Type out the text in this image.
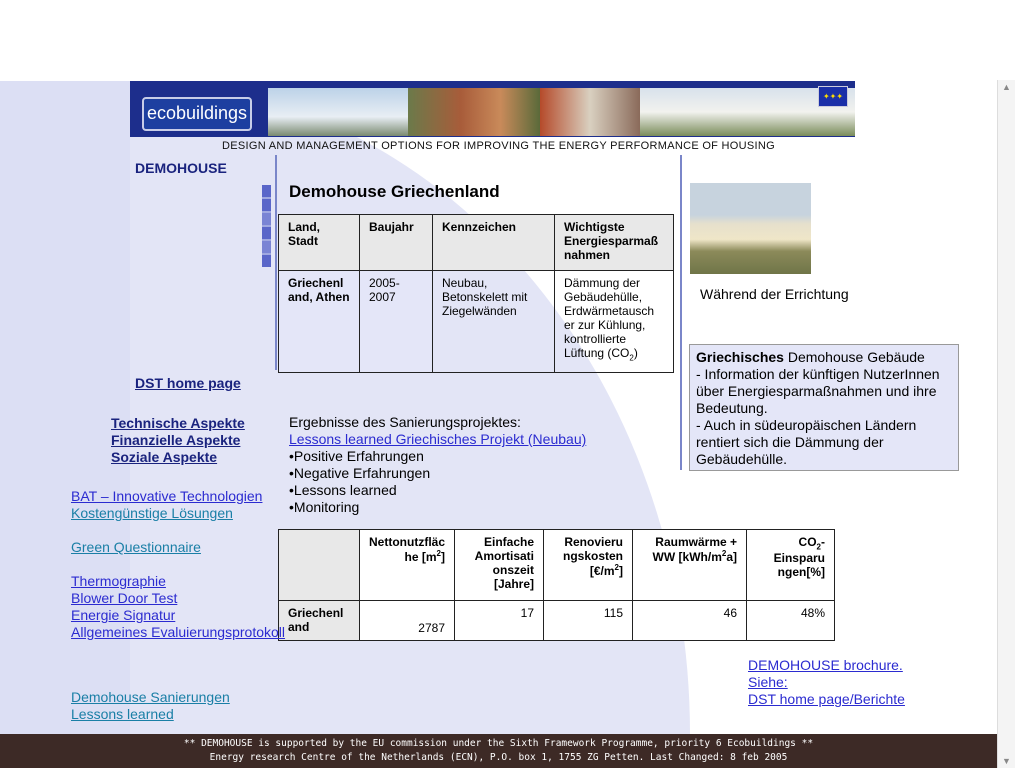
✦✦✦
ecobuildings
DESIGN AND MANAGEMENT OPTIONS FOR IMPROVING THE ENERGY PERFORMANCE OF HOUSING
DEMOHOUSE
Demohouse Griechenland
Land, Stadt	Baujahr	Kennzeichen	Wichtigste Energiesparmaß nahmen
Griechenl and, Athen	2005-2007	Neubau, Betonskelett mit Ziegelwänden	Dämmung der Gebäudehülle, Erdwärmetausch er zur Kühlung, kontrollierte Lüftung $(CO_2)$
Ergebnisse des Sanierungsprojektes:
Lessons learned Griechisches Projekt (Neubau)
•Positive Erfahrungen
•Negative Erfahrungen
•Lessons learned
•Monitoring
	Nettonutzfläc he $[m^2]$	Einfache Amortisati onszeit [Jahre]	Renovieru ngskosten $[€/m^2]$	Raumwärme + WW $[kWh/m^2a]$	$CO_2$-Einsparu ngen[%]
Griechenl and	2787	17	115	46	48%
Während der Errichtung
Griechisches Demohouse Gebäude
- Information der künftigen NutzerInnen über Energiesparmaßnahmen und ihre Bedeutung.
- Auch in südeuropäischen Ländern rentiert sich die Dämmung der Gebäudehülle.
DEMOHOUSE brochure.
Siehe:
DST home page/Berichte
DST home page
Technische Aspekte
Finanzielle Aspekte
Soziale Aspekte
BAT – Innovative Technologien
Kostengünstige Lösungen
Green Questionnaire
Thermographie
Blower Door Test
Energie Signatur
Allgemeines Evaluierungsprotokoll
Demohouse Sanierungen
Lessons learned
▲
▼
** DEMOHOUSE is supported by the EU commission under the Sixth Framework Programme, priority 6 Ecobuildings **
Energy research Centre of the Netherlands (ECN), P.O. box 1, 1755 ZG Petten. Last Changed: 8 feb 2005
